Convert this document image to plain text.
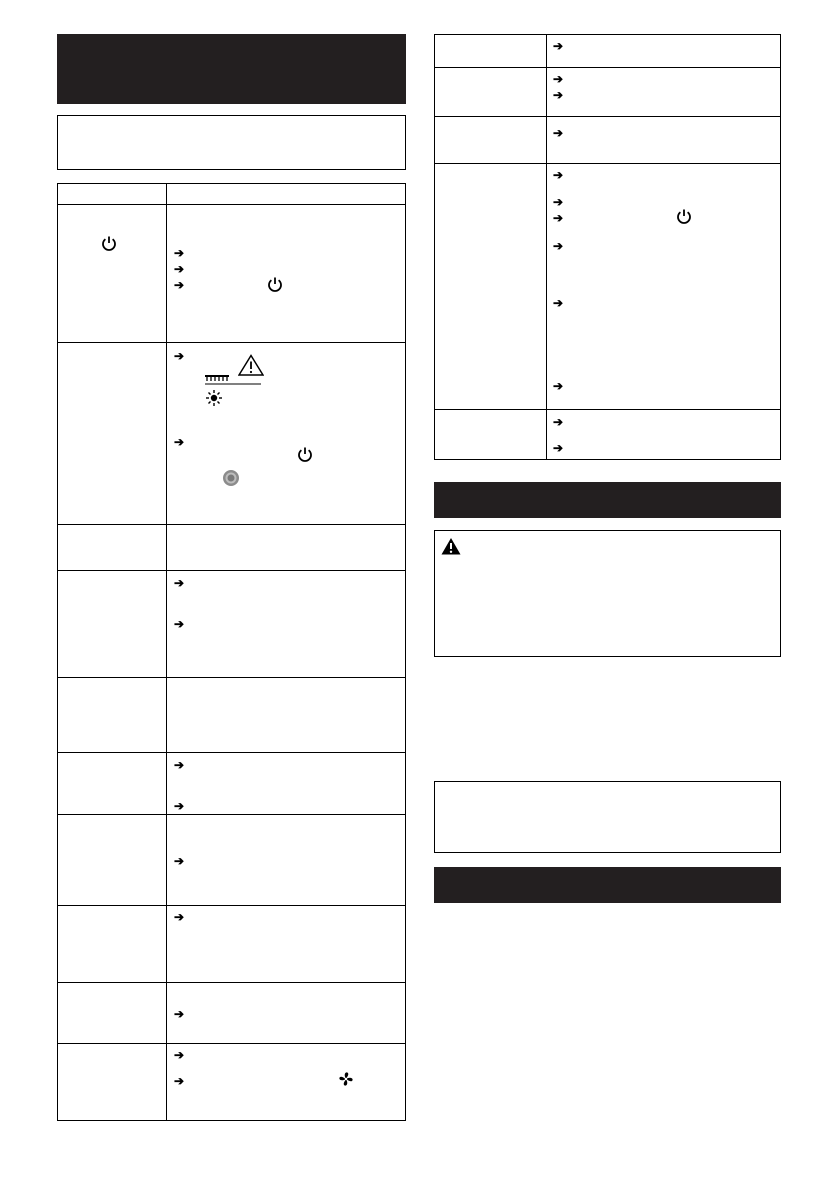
➔
➔
➔
➔
➔
➔
➔
➔
➔
➔
➔
➔
➔
➔
➔
➔
➔
➔
➔
➔
➔
➔
➔
➔
➔
➔
